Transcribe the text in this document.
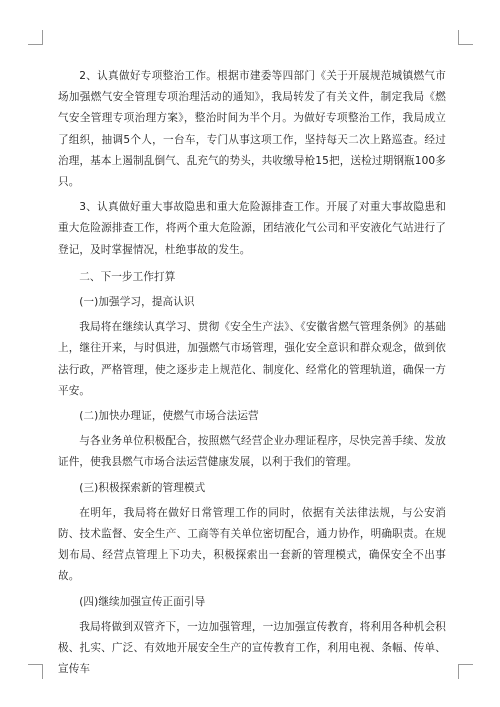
2、认真做好专项整治工作。根据市建委等四部门《关于开展规范城镇燃气市场加强燃气安全管理专项治理活动的通知》，我局转发了有关文件，制定我局《燃气安全管理专项治理方案》，整治时间为半个月。为做好专项整治工作，我局成立了组织，抽调5个人，一台车，专门从事这项工作，坚持每天二次上路巡查。经过治理，基本上遏制乱倒气、乱充气的势头，共收缴导枪15把，送检过期钢瓶100多只。

3、认真做好重大事故隐患和重大危险源排查工作。开展了对重大事故隐患和重大危险源排查工作，将两个重大危险源，团结液化气公司和平安液化气站进行了登记，及时掌握情况，杜绝事故的发生。

二、下一步工作打算

(一)加强学习，提高认识

我局将在继续认真学习、贯彻《安全生产法》、《安徽省燃气管理条例》的基础上，继往开来，与时俱进，加强燃气市场管理，强化安全意识和群众观念，做到依法行政，严格管理，使之逐步走上规范化、制度化、经常化的管理轨道，确保一方平安。

(二)加快办理证，使燃气市场合法运营

与各业务单位积极配合，按照燃气经营企业办理证程序，尽快完善手续、发放证件，使我县燃气市场合法运营健康发展，以利于我们的管理。

(三)积极探索新的管理模式

在明年，我局将在做好日常管理工作的同时，依据有关法律法规，与公安消防、技术监督、安全生产、工商等有关单位密切配合，通力协作，明确职责。在规划布局、经营点管理上下功夫，积极探索出一套新的管理模式，确保安全不出事故。

(四)继续加强宣传正面引导

我局将做到双管齐下，一边加强管理，一边加强宣传教育，将利用各种机会积极、扎实、广泛、有效地开展安全生产的宣传教育工作，利用电视、条幅、传单、宣传车
